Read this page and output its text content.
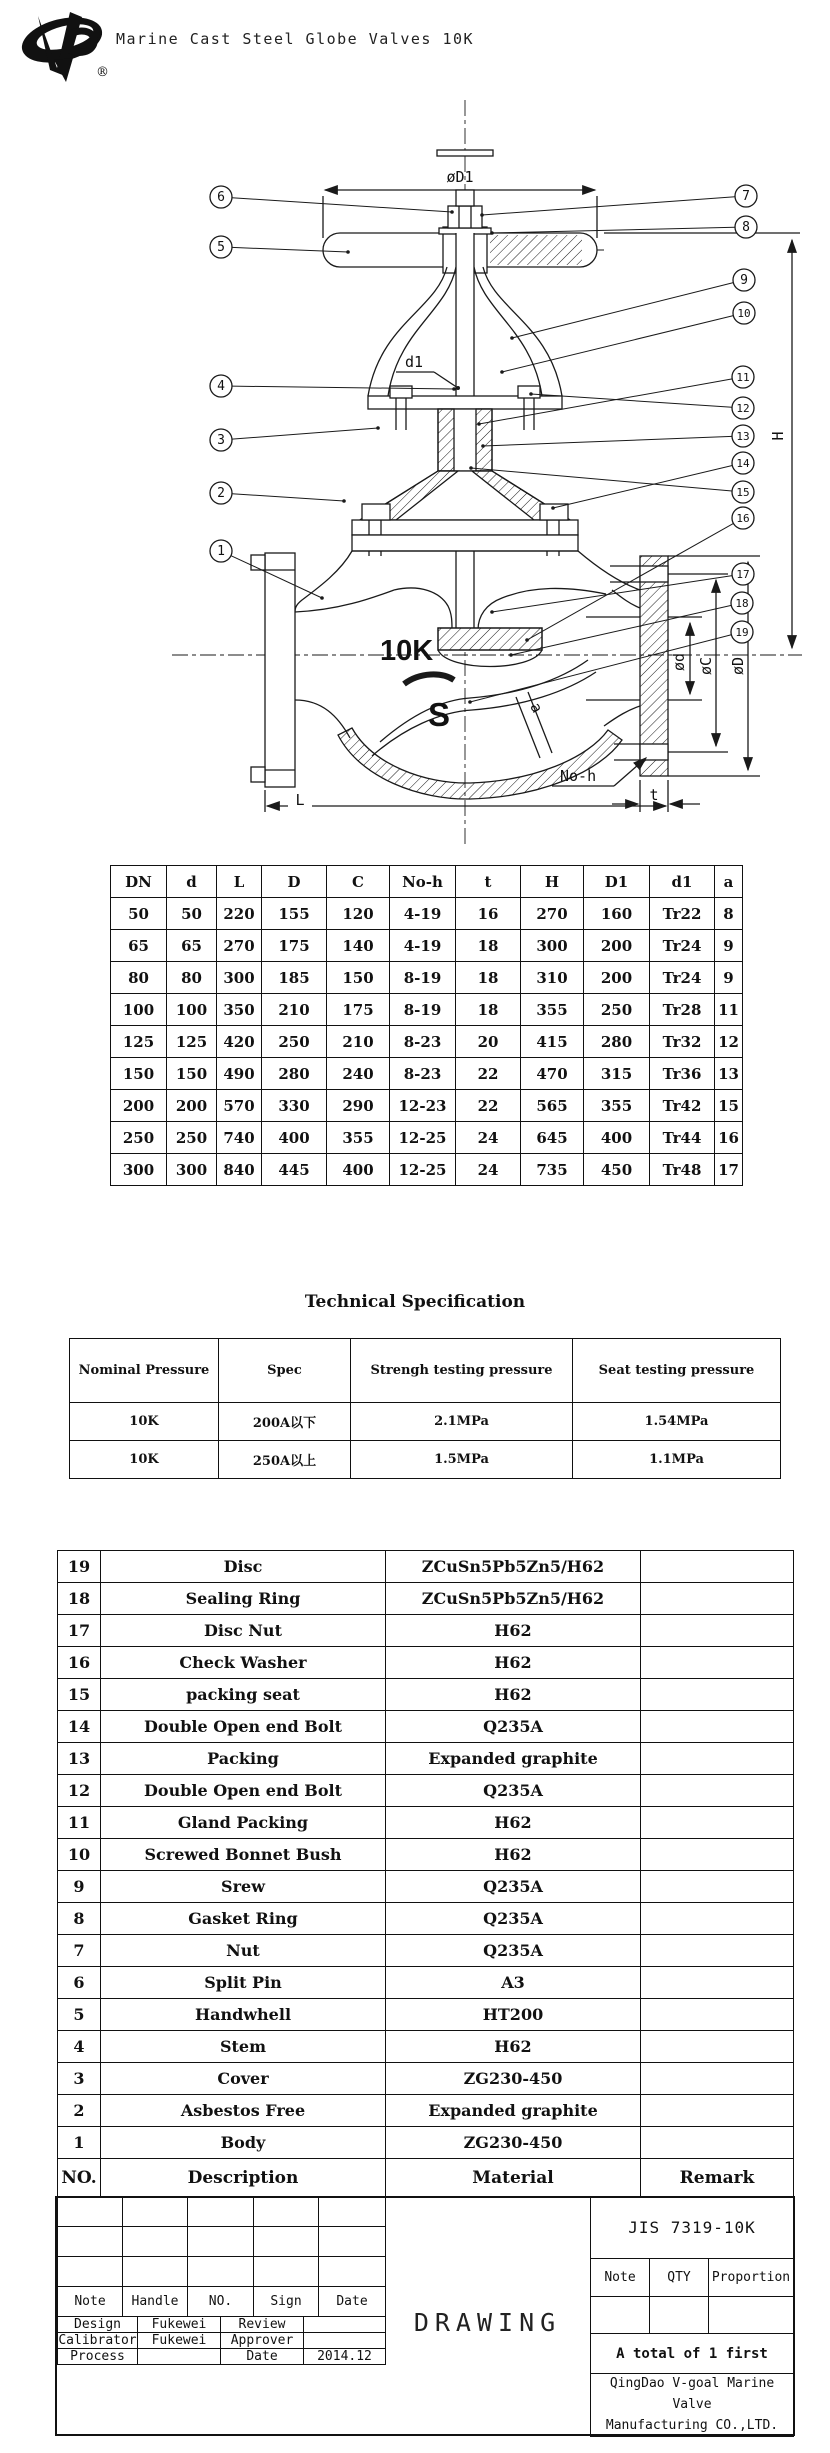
®
Marine Cast Steel Globe Valves 10K
øD1
d1
H
ød øC øD
No-h
t
L
a
10K
S
6
5
4
3
2
1
7
8
9
10
11
12
13
14
15
16
17
18
19
DN	d	L	D	C	No-h	t	H	D1	d1	a
50	50	220	155	120	4-19	16	270	160	Tr22	8
65	65	270	175	140	4-19	18	300	200	Tr24	9
80	80	300	185	150	8-19	18	310	200	Tr24	9
100	100	350	210	175	8-19	18	355	250	Tr28	11
125	125	420	250	210	8-23	20	415	280	Tr32	12
150	150	490	280	240	8-23	22	470	315	Tr36	13
200	200	570	330	290	12-23	22	565	355	Tr42	15
250	250	740	400	355	12-25	24	645	400	Tr44	16
300	300	840	445	400	12-25	24	735	450	Tr48	17
Technical Specification
Nominal Pressure	Spec	Strengh testing pressure	Seat testing pressure
10K	200A以下	2.1MPa	1.54MPa
10K	250A以上	1.5MPa	1.1MPa
19	Disc	ZCuSn5Pb5Zn5/H62	
18	Sealing Ring	ZCuSn5Pb5Zn5/H62	
17	Disc Nut	H62	
16	Check Washer	H62	
15	packing seat	H62	
14	Double Open end Bolt	Q235A	
13	Packing	Expanded graphite	
12	Double Open end Bolt	Q235A	
11	Gland Packing	H62	
10	Screwed Bonnet Bush	H62	
9	Srew	Q235A	
8	Gasket Ring	Q235A	
7	Nut	Q235A	
6	Split Pin	A3	
5	Handwhell	HT200	
4	Stem	H62	
3	Cover	ZG230-450	
2	Asbestos Free	Expanded graphite	
1	Body	ZG230-450	
NO.	Description	Material	Remark

Note	Handle	NO.	Sign	Date
Design	Fukewei	Review	
Calibrator	Fukewei	Approver	
Process		Date	2014.12
DRAWING
JIS 7319-10K		
Note	QTY	Proportion

A total of 1 first		

QingDao V-goal Marine Valve
Manufacturing CO.,LTD.		
